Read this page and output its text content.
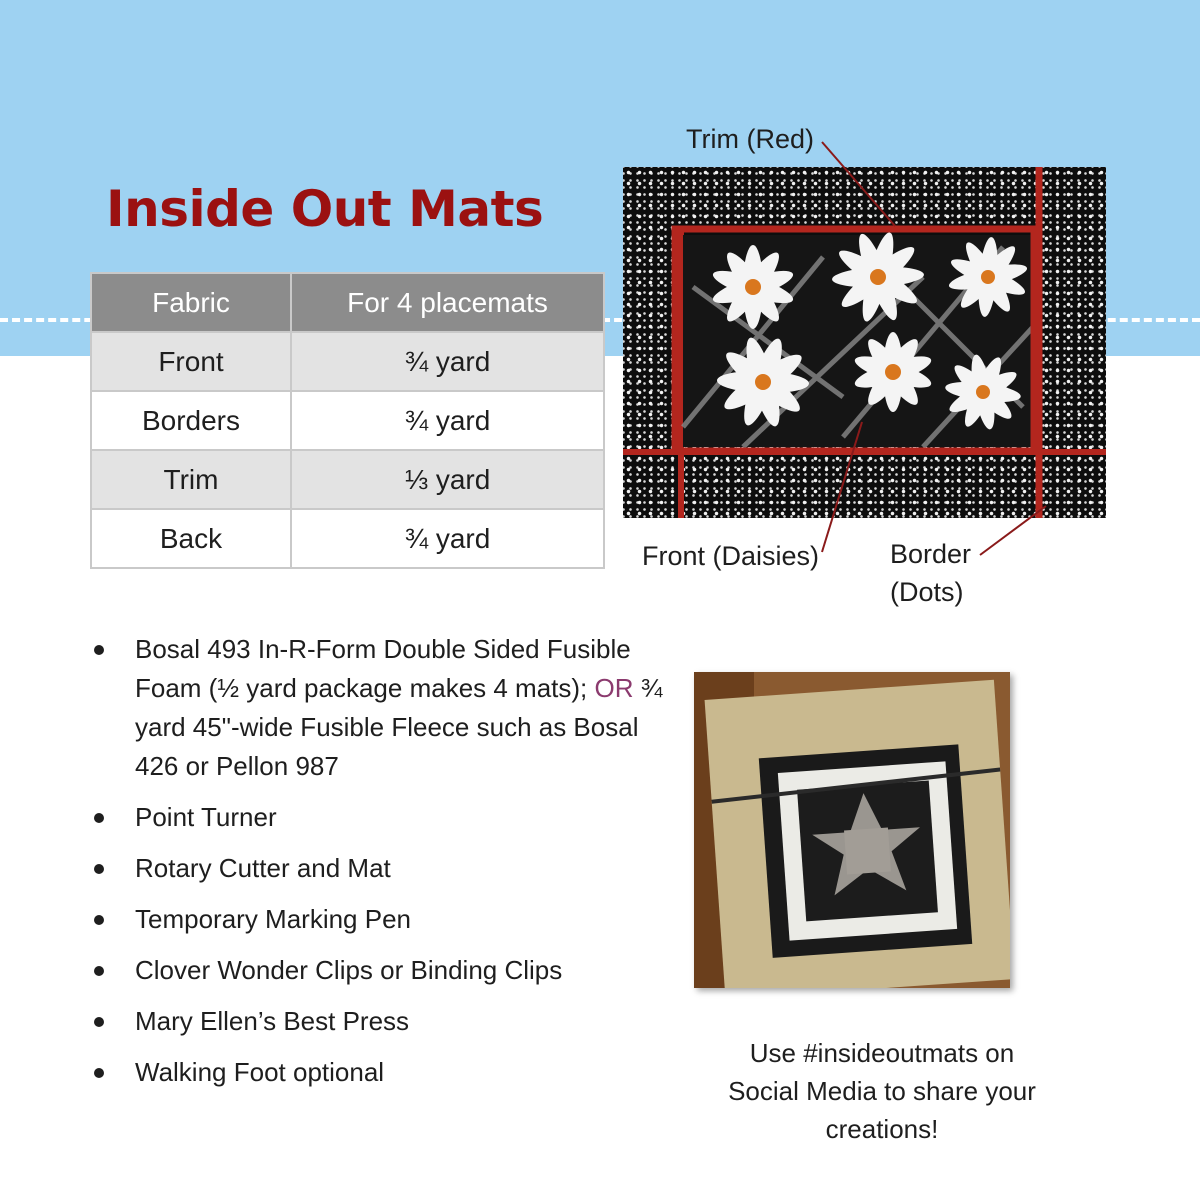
Inside Out Mats
Fabric	For 4 placemats
Front	¾ yard
Borders	¾ yard
Trim	⅓ yard
Back	¾ yard

Trim (Red)

Front (Daisies)	Border
(Dots)

Bosal 493 In-R-Form Double Sided Fusible Foam (½ yard package makes 4 mats); OR ¾ yard 45"-wide Fusible Fleece such as Bosal 426 or Pellon 987
Point Turner
Rotary Cutter and Mat
Temporary Marking Pen
Clover Wonder Clips or Binding Clips
Mary Ellen’s Best Press
Walking Foot optional

Use #insideoutmats on
Social Media to share your
creations!
